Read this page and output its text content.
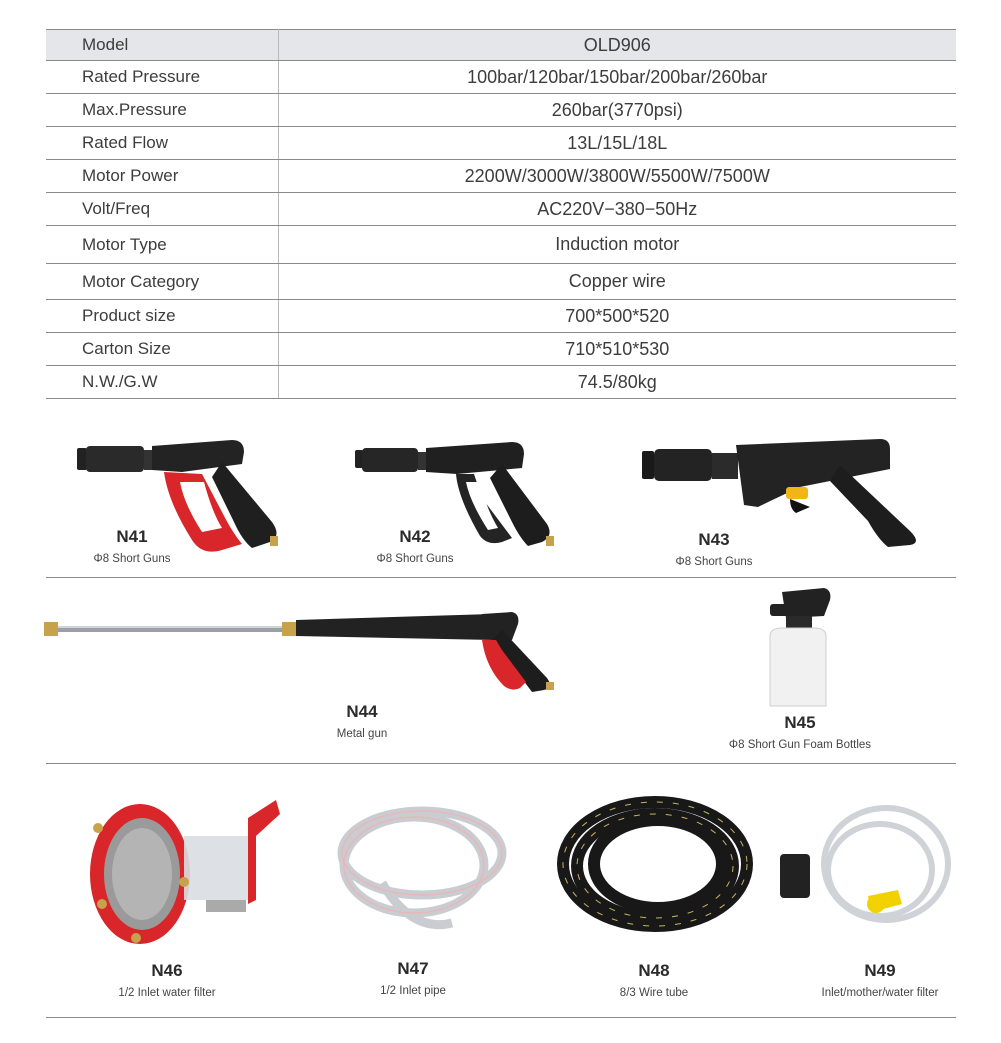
Model	OLD906
Rated Pressure	100bar/120bar/150bar/200bar/260bar
Max.Pressure	260bar(3770psi)
Rated Flow	13L/15L/18L
Motor Power	2200W/3000W/3800W/5500W/7500W
Volt/Freq	AC220V−380−50Hz
Motor Type	Induction motor
Motor Category	Copper wire
Product size	700*500*520
Carton Size	710*510*530
N.W./G.W	74.5/80kg
N41
Φ8 Short Guns
N42
Φ8 Short Guns
N43
Φ8 Short Guns
N44
Metal gun
N45
Φ8 Short Gun Foam Bottles
N46
1/2 Inlet water filter
N47
1/2 Inlet pipe
N48
8/3 Wire tube
N49
Inlet/mother/water filter
